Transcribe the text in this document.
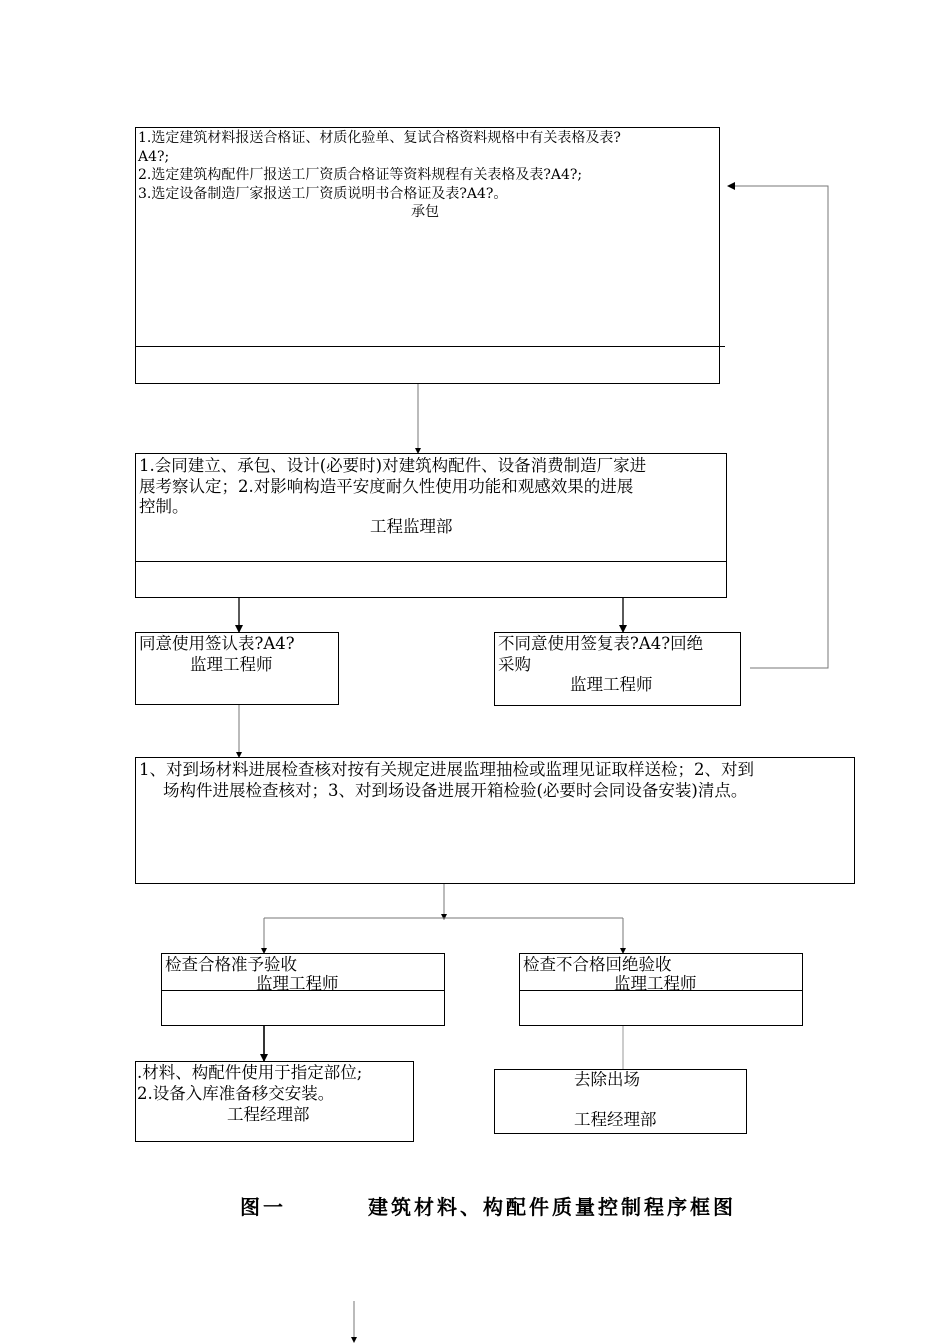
1.选定建筑材料报送合格证、材质化验单、复试合格资料规格中有关表格及表?
A4?;
2.选定建筑构配件厂报送工厂资质合格证等资料规程有关表格及表?A4?;
3.选定设备制造厂家报送工厂资质说明书合格证及表?A4?。
承包
1.会同建立、承包、设计(必要时)对建筑构配件、设备消费制造厂家进
展考察认定；2.对影响构造平安度耐久性使用功能和观感效果的进展
控制。
工程监理部
同意使用签认表?A4?
监理工程师
不同意使用签复表?A4?回绝
采购
监理工程师
1、对到场材料进展检查核对按有关规定进展监理抽检或监理见证取样送检；2、对到
场构件进展检查核对；3、对到场设备进展开箱检验(必要时会同设备安装)清点。
检查合格准予验收
监理工程师
检查不合格回绝验收
监理工程师
.材料、构配件使用于指定部位;
2.设备入库准备移交安装。
工程经理部
去除出场
工程经理部
图一	建筑材料、构配件质量控制程序框图
